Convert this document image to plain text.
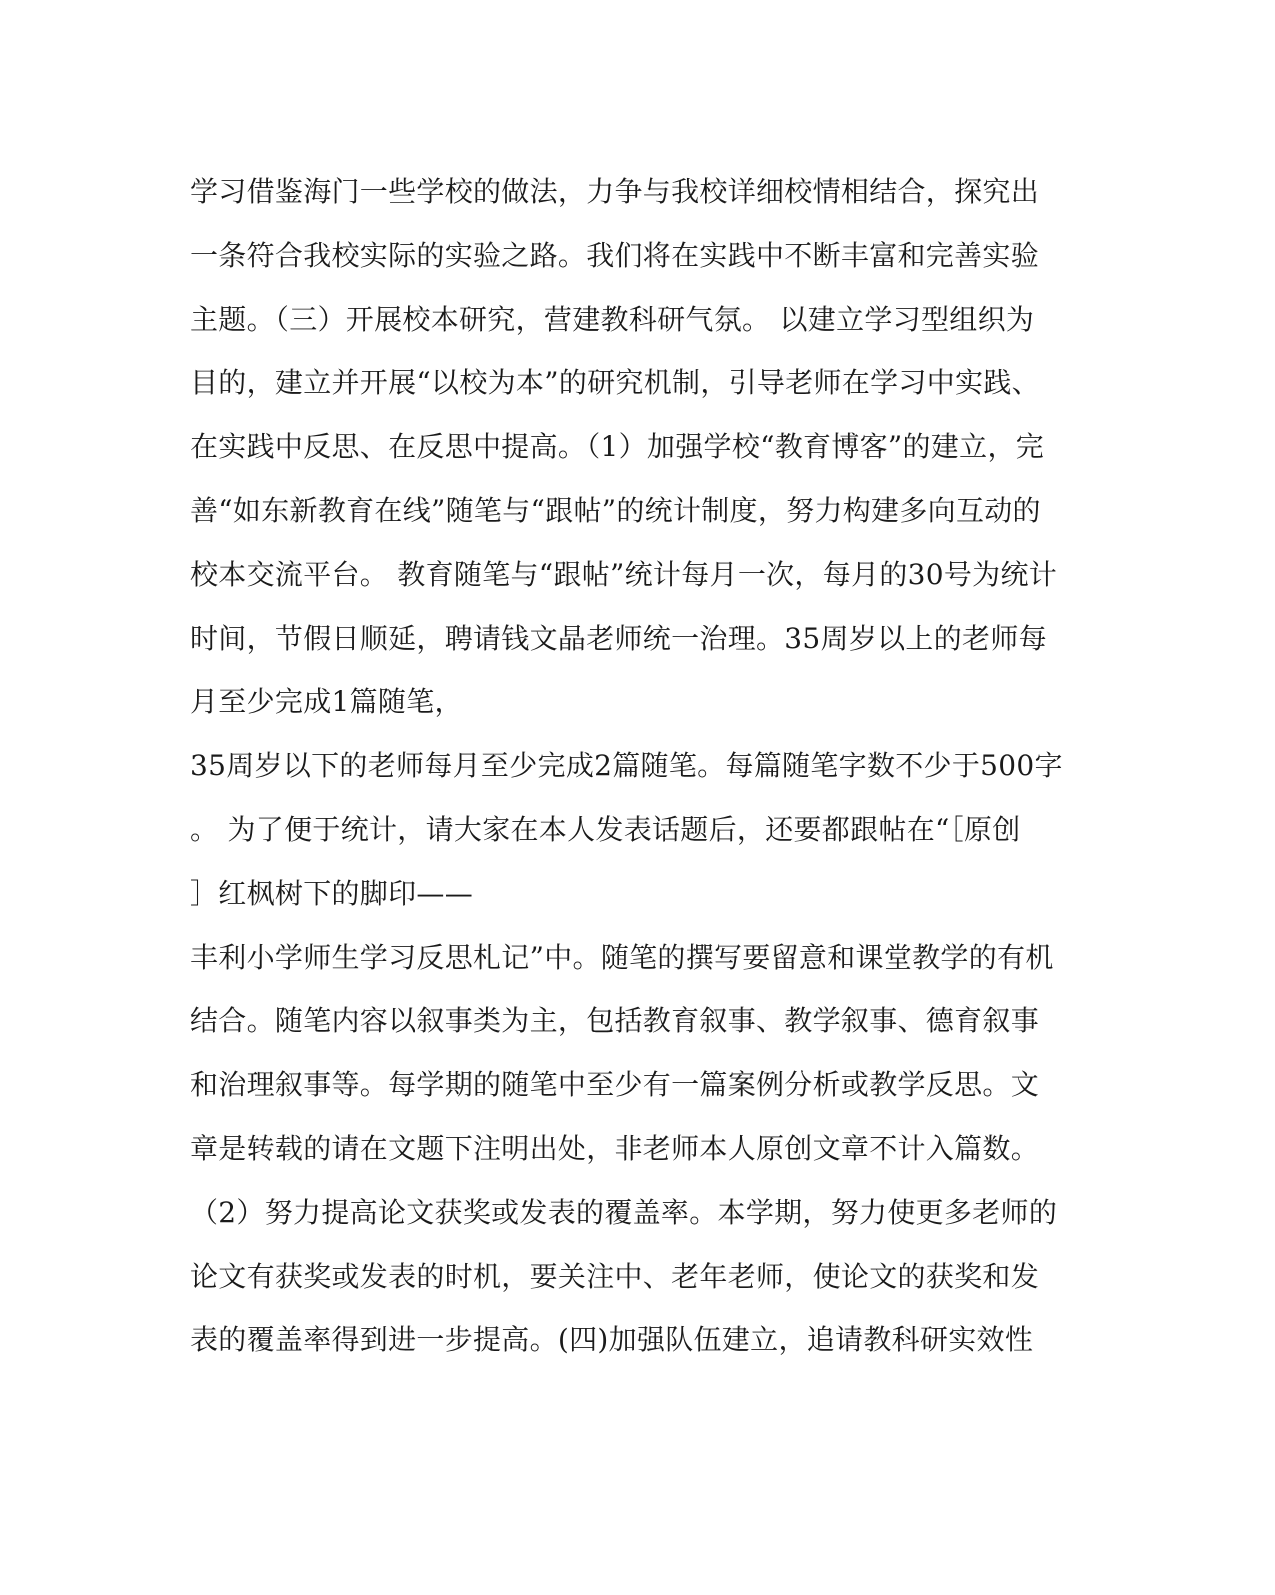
学习借鉴海门一些学校的做法，力争与我校详细校情相结合，探究出
一条符合我校实际的实验之路。我们将在实践中不断丰富和完善实验
主题。（三）开展校本研究，营建教科研气氛。 以建立学习型组织为
目的，建立并开展“以校为本”的研究机制，引导老师在学习中实践、
在实践中反思、在反思中提高。（1）加强学校“教育博客”的建立，完
善“如东新教育在线”随笔与“跟帖”的统计制度，努力构建多向互动的
校本交流平台。 教育随笔与“跟帖”统计每月一次，每月的30号为统计
时间，节假日顺延，聘请钱文晶老师统一治理。35周岁以上的老师每
月至少完成1篇随笔，
35周岁以下的老师每月至少完成2篇随笔。每篇随笔字数不少于500字
。 为了便于统计，请大家在本人发表话题后，还要都跟帖在“［原创
］红枫树下的脚印——
丰利小学师生学习反思札记”中。随笔的撰写要留意和课堂教学的有机
结合。随笔内容以叙事类为主，包括教育叙事、教学叙事、德育叙事
和治理叙事等。每学期的随笔中至少有一篇案例分析或教学反思。文
章是转载的请在文题下注明出处，非老师本人原创文章不计入篇数。
（2）努力提高论文获奖或发表的覆盖率。本学期，努力使更多老师的
论文有获奖或发表的时机，要关注中、老年老师，使论文的获奖和发
表的覆盖率得到进一步提高。(四)加强队伍建立，追请教科研实效性
